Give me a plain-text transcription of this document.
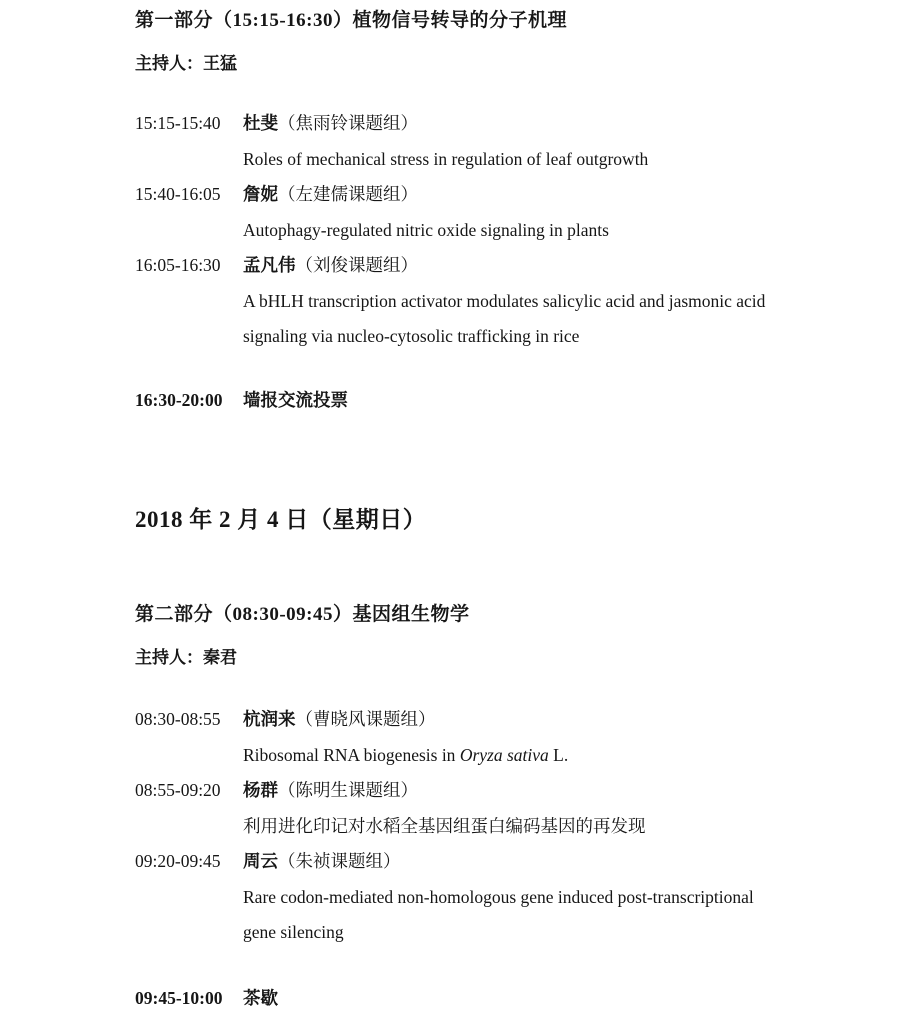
第一部分（15:15-16:30）植物信号转导的分子机理
主持人：王猛
15:15-15:40	杜斐（焦雨铃课题组）
Roles of mechanical stress in regulation of leaf outgrowth
15:40-16:05	詹妮（左建儒课题组）
Autophagy-regulated nitric oxide signaling in plants
16:05-16:30	孟凡伟（刘俊课题组）
A bHLH transcription activator modulates salicylic acid and jasmonic acid signaling via nucleo-cytosolic trafficking in rice
16:30-20:00	墙报交流投票
2018 年 2 月 4 日（星期日）
第二部分（08:30-09:45）基因组生物学
主持人：秦君
08:30-08:55	杭润来（曹晓风课题组）
Ribosomal RNA biogenesis in Oryza sativa L.
08:55-09:20	杨群（陈明生课题组）
利用进化印记对水稻全基因组蛋白编码基因的再发现
09:20-09:45	周云（朱祯课题组）
Rare codon-mediated non-homologous gene induced post-transcriptional gene silencing
09:45-10:00	茶歇
